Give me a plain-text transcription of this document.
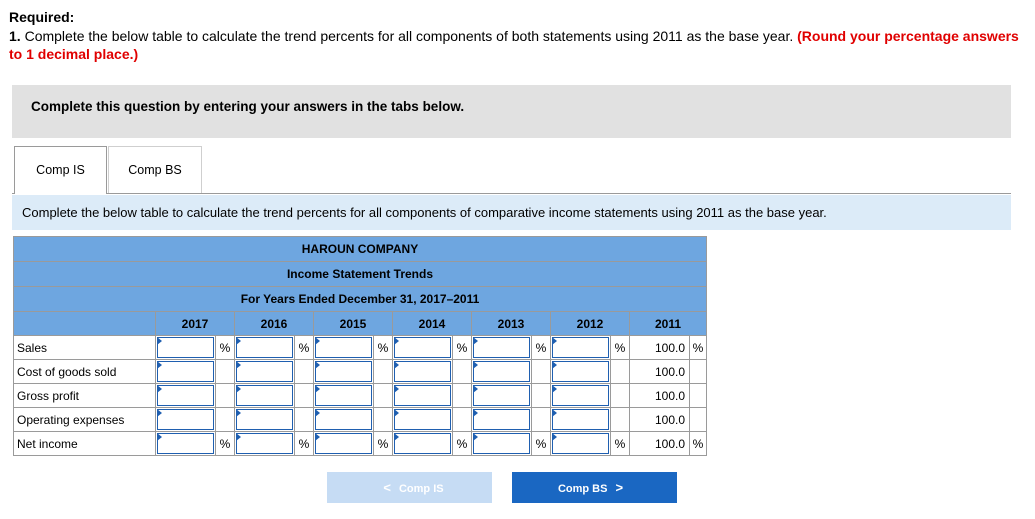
Required:
1. Complete the below table to calculate the trend percents for all components of both statements using 2011 as the base year. (Round your percentage answers to 1 decimal place.)
Complete this question by entering your answers in the tabs below.
Comp IS	Comp BS
Complete the below table to calculate the trend percents for all components of comparative income statements using 2011 as the base year.
HAROUN COMPANY														
Income Statement Trends														
For Years Ended December 31, 2017–2011														
	2017		2016		2015		2014		2013		2012		2011	
Sales		%		%		%		%		%		%	100.0	%
Cost of goods sold													100.0	
Gross profit													100.0	
Operating expenses													100.0	
Net income		%		%		%		%		%		%	100.0	%
< Comp IS	Comp BS >
